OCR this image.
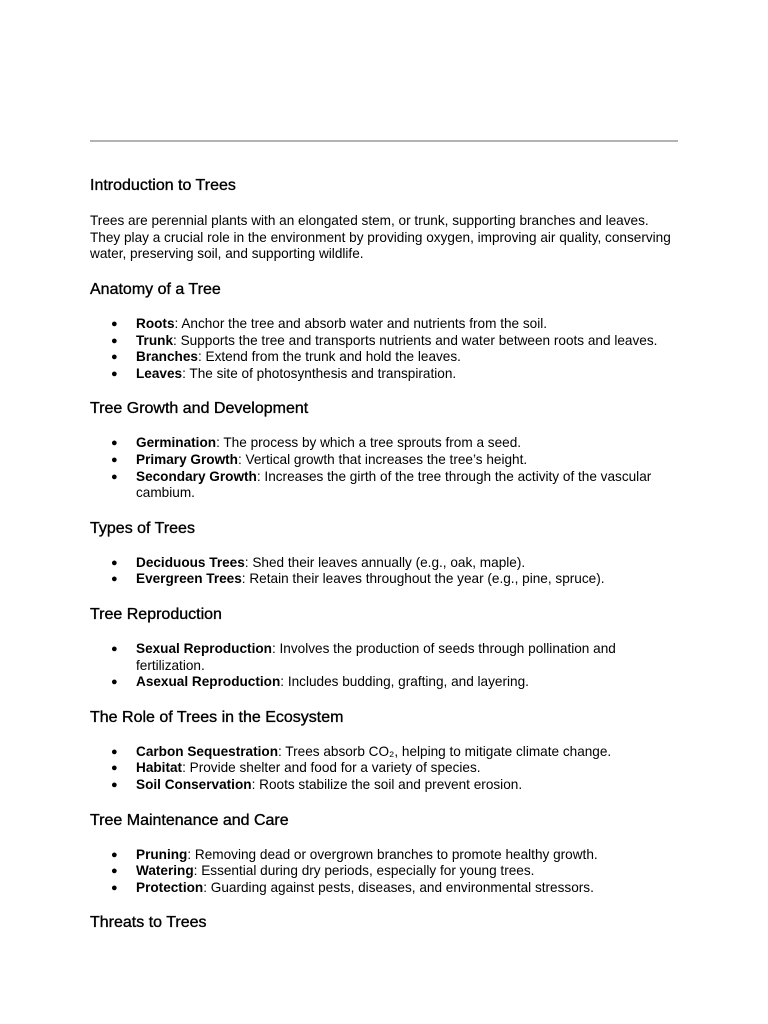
Introduction to Trees

Trees are perennial plants with an elongated stem, or trunk, supporting branches and leaves. They play a crucial role in the environment by providing oxygen, improving air quality, conserving water, preserving soil, and supporting wildlife.

Anatomy of a Tree
● Roots: Anchor the tree and absorb water and nutrients from the soil.
● Trunk: Supports the tree and transports nutrients and water between roots and leaves.
● Branches: Extend from the trunk and hold the leaves.
● Leaves: The site of photosynthesis and transpiration.
Tree Growth and Development
● Germination: The process by which a tree sprouts from a seed.
● Primary Growth: Vertical growth that increases the tree’s height.
● Secondary Growth: Increases the girth of the tree through the activity of the vascular cambium.
Types of Trees
● Deciduous Trees: Shed their leaves annually (e.g., oak, maple).
● Evergreen Trees: Retain their leaves throughout the year (e.g., pine, spruce).
Tree Reproduction
● Sexual Reproduction: Involves the production of seeds through pollination and fertilization.
● Asexual Reproduction: Includes budding, grafting, and layering.
The Role of Trees in the Ecosystem
● Carbon Sequestration: Trees absorb CO₂, helping to mitigate climate change.
● Habitat: Provide shelter and food for a variety of species.
● Soil Conservation: Roots stabilize the soil and prevent erosion.
Tree Maintenance and Care
● Pruning: Removing dead or overgrown branches to promote healthy growth.
● Watering: Essential during dry periods, especially for young trees.
● Protection: Guarding against pests, diseases, and environmental stressors.
Threats to Trees
